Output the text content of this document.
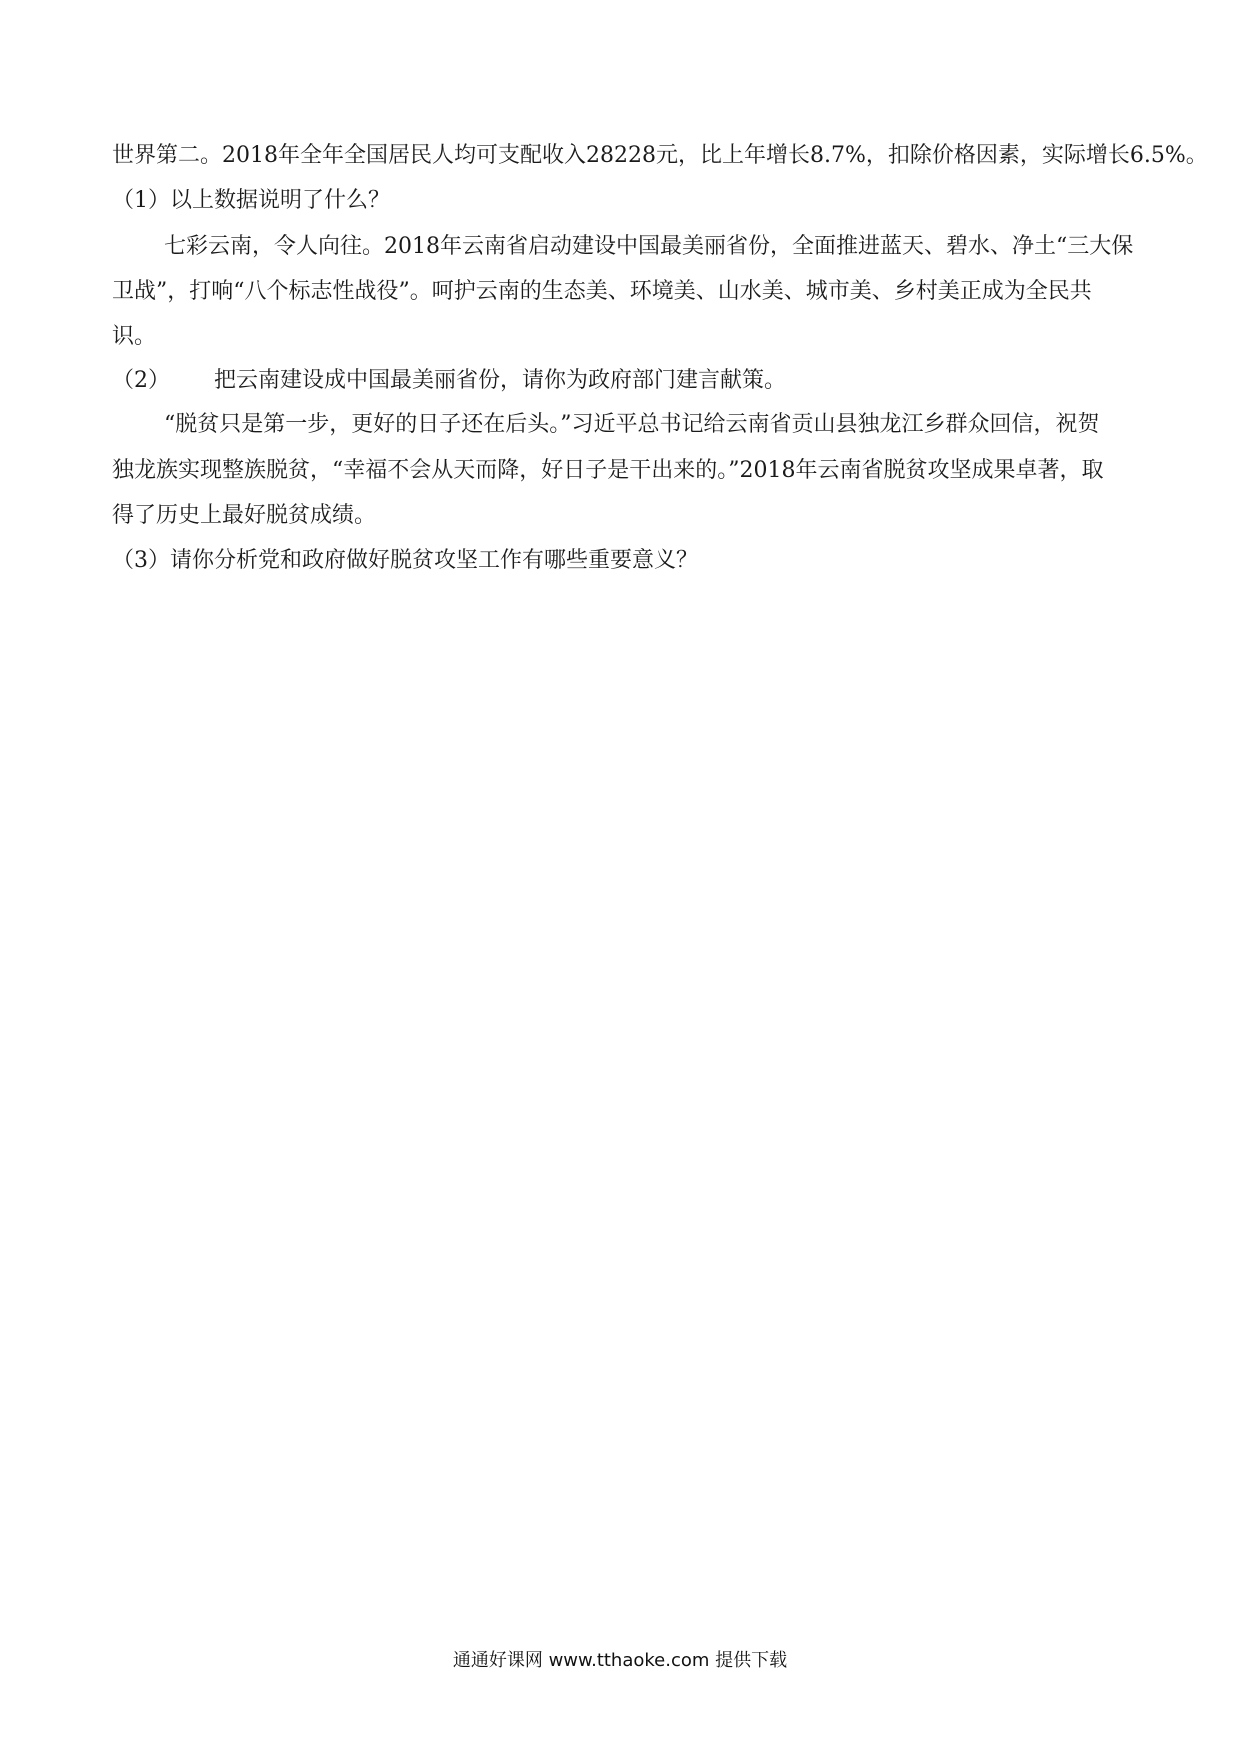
世界第二。2018年全年全国居民人均可支配收入28228元，比上年增长8.7%，扣除价格因素，实际增长6.5%。
（1）以上数据说明了什么？
七彩云南，令人向往。2018年云南省启动建设中国最美丽省份，全面推进蓝天、碧水、净土“三大保
卫战”，打响“八个标志性战役”。呵护云南的生态美、环境美、山水美、城市美、乡村美正成为全民共
识。
（2） 把云南建设成中国最美丽省份，请你为政府部门建言献策。
“脱贫只是第一步，更好的日子还在后头。”习近平总书记给云南省贡山县独龙江乡群众回信，祝贺
独龙族实现整族脱贫，“幸福不会从天而降，好日子是干出来的。”2018年云南省脱贫攻坚成果卓著，取
得了历史上最好脱贫成绩。
（3）请你分析党和政府做好脱贫攻坚工作有哪些重要意义？
通通好课网 www.tthaoke.com 提供下载
